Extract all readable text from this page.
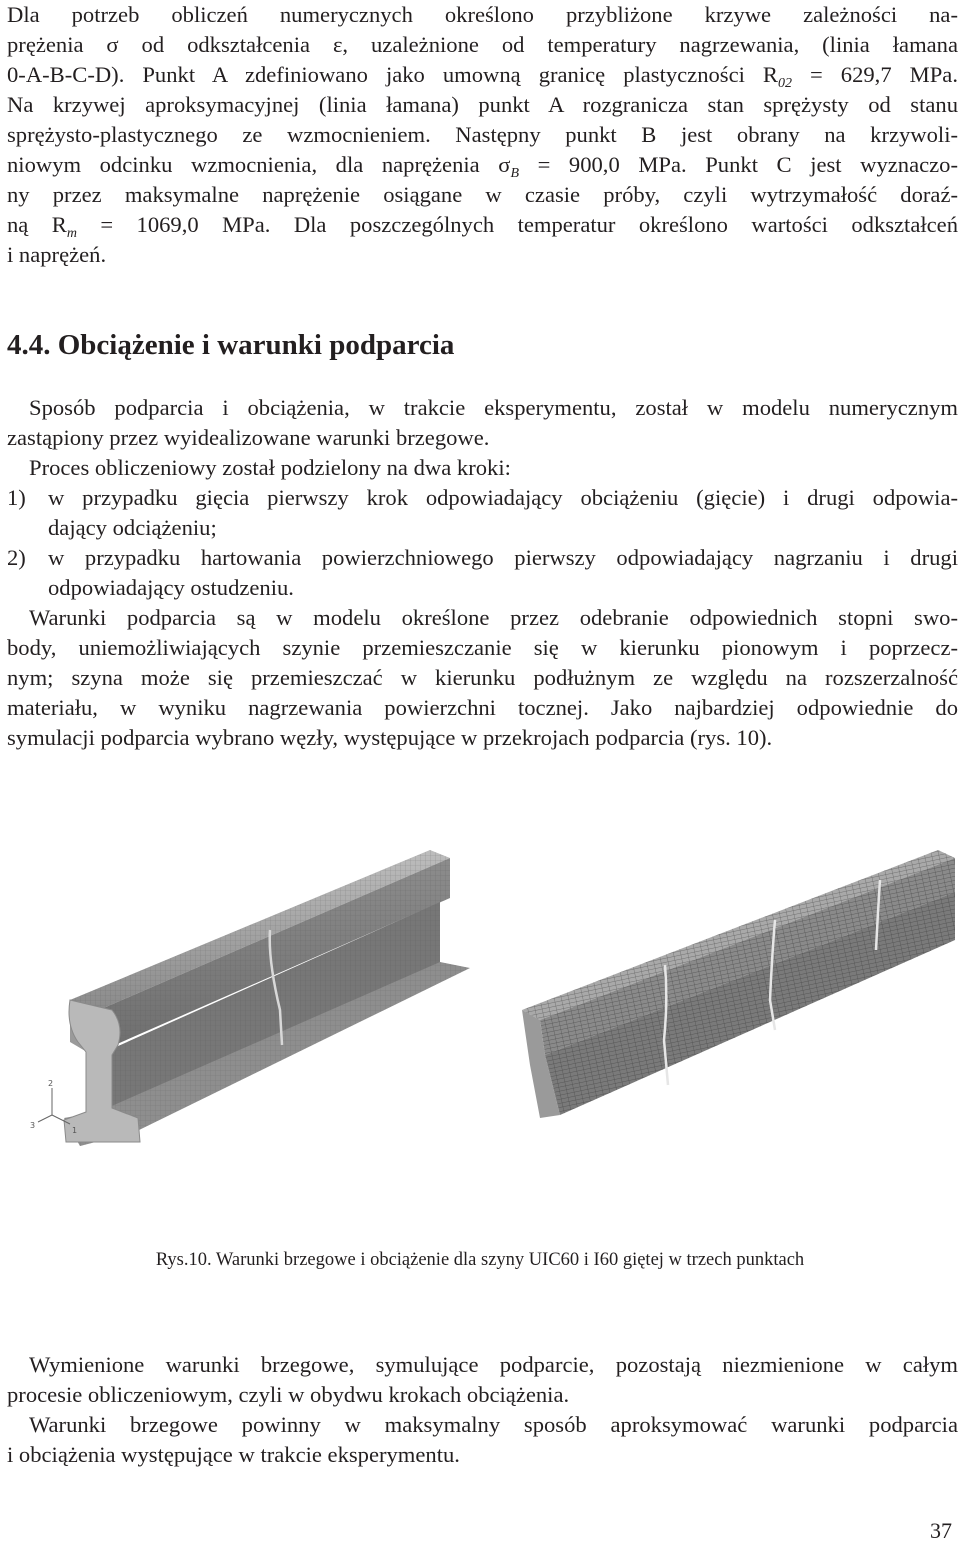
Dla potrzeb obliczeń numerycznych określono przybliżone krzywe zależności na-
prężenia σ od odkształcenia ε, uzależnione od temperatury nagrzewania, (linia łamana
0-A-B-C-D). Punkt A zdefiniowano jako umowną granicę plastyczności $R_{02} = 629,7$ MPa.
Na krzywej aproksymacyjnej (linia łamana) punkt A rozgranicza stan sprężysty od stanu
sprężysto-plastycznego ze wzmocnieniem. Następny punkt B jest obrany na krzywoli-
niowym odcinku wzmocnienia, dla naprężenia $\sigma_B = 900,0$ MPa. Punkt C jest wyznaczo-
ny przez maksymalne naprężenie osiągane w czasie próby, czyli wytrzymałość doraź-
ną $R_m = 1069,0$ MPa. Dla poszczególnych temperatur określono wartości odkształceń
i naprężeń.
4.4. Obciążenie i warunki podparcia
Sposób podparcia i obciążenia, w trakcie eksperymentu, został w modelu numerycznym
zastąpiony przez wyidealizowane warunki brzegowe.
Proces obliczeniowy został podzielony na dwa kroki:
1) w przypadku gięcia pierwszy krok odpowiadający obciążeniu (gięcie) i drugi odpowia-
dający odciążeniu;
2) w przypadku hartowania powierzchniowego pierwszy odpowiadający nagrzaniu i drugi
odpowiadający ostudzeniu.
Warunki podparcia są w modelu określone przez odebranie odpowiednich stopni swo-
body, uniemożliwiających szynie przemieszczanie się w kierunku pionowym i poprzecz-
nym; szyna może się przemieszczać w kierunku podłużnym ze względu na rozszerzalność
materiału, w wyniku nagrzewania powierzchni tocznej. Jako najbardziej odpowiednie do
symulacji podparcia wybrano węzły, występujące w przekrojach podparcia (rys. 10).
2
3
1
Rys.10. Warunki brzegowe i obciążenie dla szyny UIC60 i I60 giętej w trzech punktach
Wymienione warunki brzegowe, symulujące podparcie, pozostają niezmienione w całym
procesie obliczeniowym, czyli w obydwu krokach obciążenia.
Warunki brzegowe powinny w maksymalny sposób aproksymować warunki podparcia
i obciążenia występujące w trakcie eksperymentu.
37
